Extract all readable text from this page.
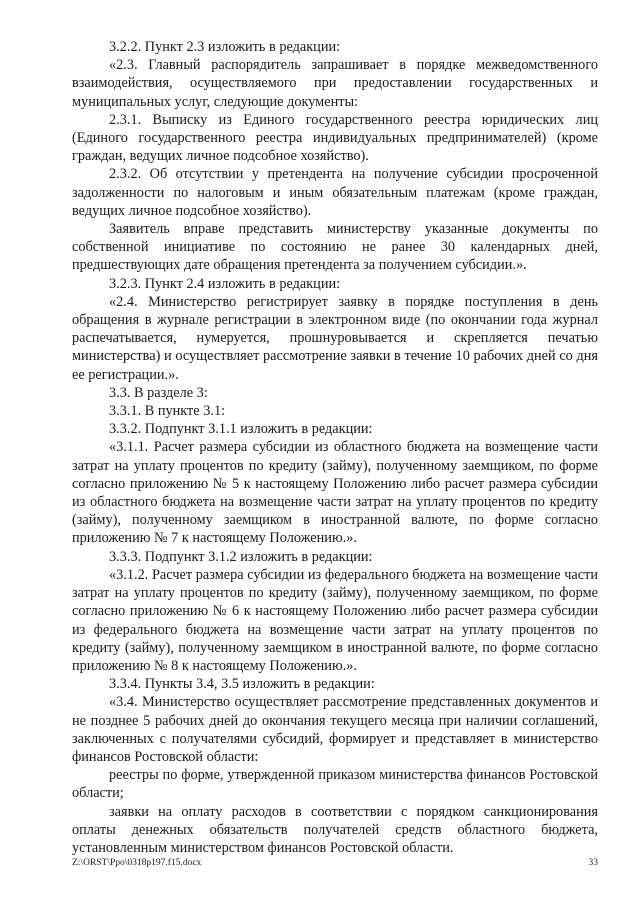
3.2.2. Пункт 2.3 изложить в редакции:

«2.3. Главный распорядитель запрашивает в порядке межведомственного взаимодействия, осуществляемого при предоставлении государственных и муниципальных услуг, следующие документы:

2.3.1. Выписку из Единого государственного реестра юридических лиц (Единого государственного реестра индивидуальных предпринимателей) (кроме граждан, ведущих личное подсобное хозяйство).

2.3.2. Об отсутствии у претендента на получение субсидии просроченной задолженности по налоговым и иным обязательным платежам (кроме граждан, ведущих личное подсобное хозяйство).

Заявитель вправе представить министерству указанные документы по собственной инициативе по состоянию не ранее 30 календарных дней, предшествующих дате обращения претендента за получением субсидии.».

3.2.3. Пункт 2.4 изложить в редакции:

«2.4. Министерство регистрирует заявку в порядке поступления в день обращения в журнале регистрации в электронном виде (по окончании года журнал распечатывается, нумеруется, прошнуровывается и скрепляется печатью министерства) и осуществляет рассмотрение заявки в течение 10 рабочих дней со дня ее регистрации.».

3.3. В разделе 3:

3.3.1. В пункте 3.1:

3.3.2. Подпункт 3.1.1 изложить в редакции:

«3.1.1. Расчет размера субсидии из областного бюджета на возмещение части затрат на уплату процентов по кредиту (займу), полученному заемщиком, по форме согласно приложению № 5 к настоящему Положению либо расчет размера субсидии из областного бюджета на возмещение части затрат на уплату процентов по кредиту (займу), полученному заемщиком в иностранной валюте, по форме согласно приложению № 7 к настоящему Положению.».

3.3.3. Подпункт 3.1.2 изложить в редакции:

«3.1.2. Расчет размера субсидии из федерального бюджета на возмещение части затрат на уплату процентов по кредиту (займу), полученному заемщиком, по форме согласно приложению № 6 к настоящему Положению либо расчет размера субсидии из федерального бюджета на возмещение части затрат на уплату процентов по кредиту (займу), полученному заемщиком в иностранной валюте, по форме согласно приложению № 8 к настоящему Положению.».

3.3.4. Пункты 3.4, 3.5 изложить в редакции:

«3.4. Министерство осуществляет рассмотрение представленных документов и не позднее 5 рабочих дней до окончания текущего месяца при наличии соглашений, заключенных с получателями субсидий, формирует и представляет в министерство финансов Ростовской области:

реестры по форме, утвержденной приказом министерства финансов Ростовской области;

заявки на оплату расходов в соответствии с порядком санкционирования оплаты денежных обязательств получателей средств областного бюджета, установленным министерством финансов Ростовской области.

Z:\ORST\Ppo\0318p197.f15.docx	33
